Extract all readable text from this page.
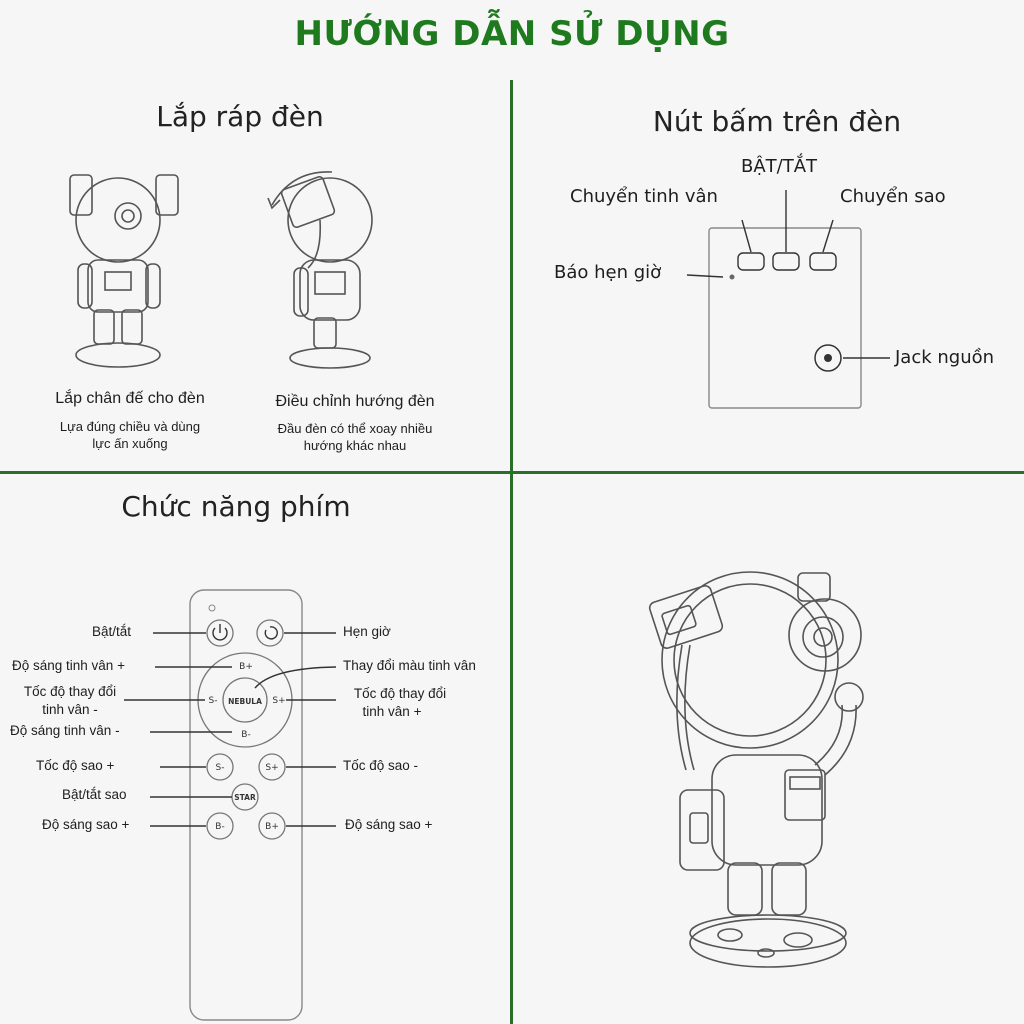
HƯỚNG DẪN SỬ DỤNG
Lắp ráp đèn
Lắp chân đế cho đèn
Lựa đúng chiều và dùng
lực ấn xuống
Điều chỉnh hướng đèn
Đầu đèn có thể xoay nhiều
hướng khác nhau
Nút bấm trên đèn
BẬT/TẮT
Chuyển tinh vân	Chuyển sao
Báo hẹn giờ
Jack nguồn
Chức năng phím
B+
B-
S-	S+
NEBULA
S-	S+
STAR
B-	B+
Bật/tắt
Độ sáng tinh vân +
Tốc độ thay đổi
tinh vân -
Độ sáng tinh vân -
Tốc độ sao +
Bật/tắt sao
Độ sáng sao +
Hẹn giờ
Thay đổi màu tinh vân
Tốc độ thay đổi
tinh vân +
Tốc độ sao -
Độ sáng sao +
